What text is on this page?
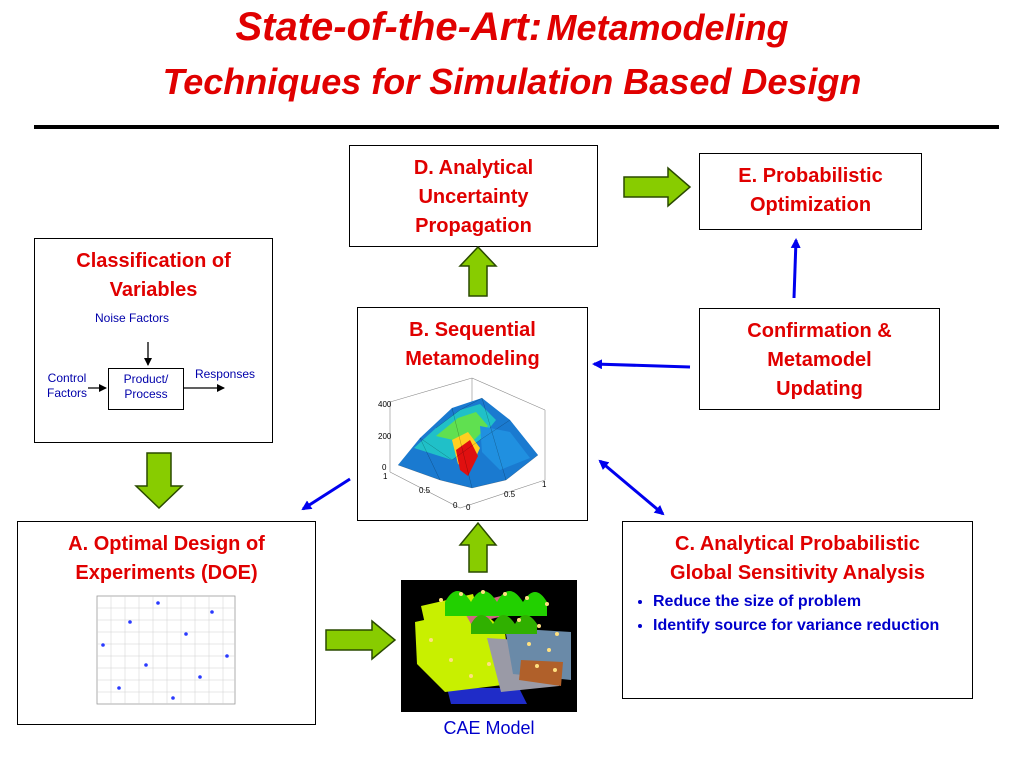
State-of-the-Art: Metamodeling
Techniques for Simulation Based Design
D. Analytical Uncertainty Propagation
E. Probabilistic Optimization
Classification of Variables
Noise Factors
Control Factors
Product/ Process
Responses
B. Sequential Metamodeling
Confirmation & Metamodel Updating
A. Optimal Design of Experiments (DOE)
C. Analytical Probabilistic Global Sensitivity Analysis
• Reduce the size of problem
• Identify source for variance reduction
CAE Model
400
200
0
1
0.5
0 0
0.5
1
